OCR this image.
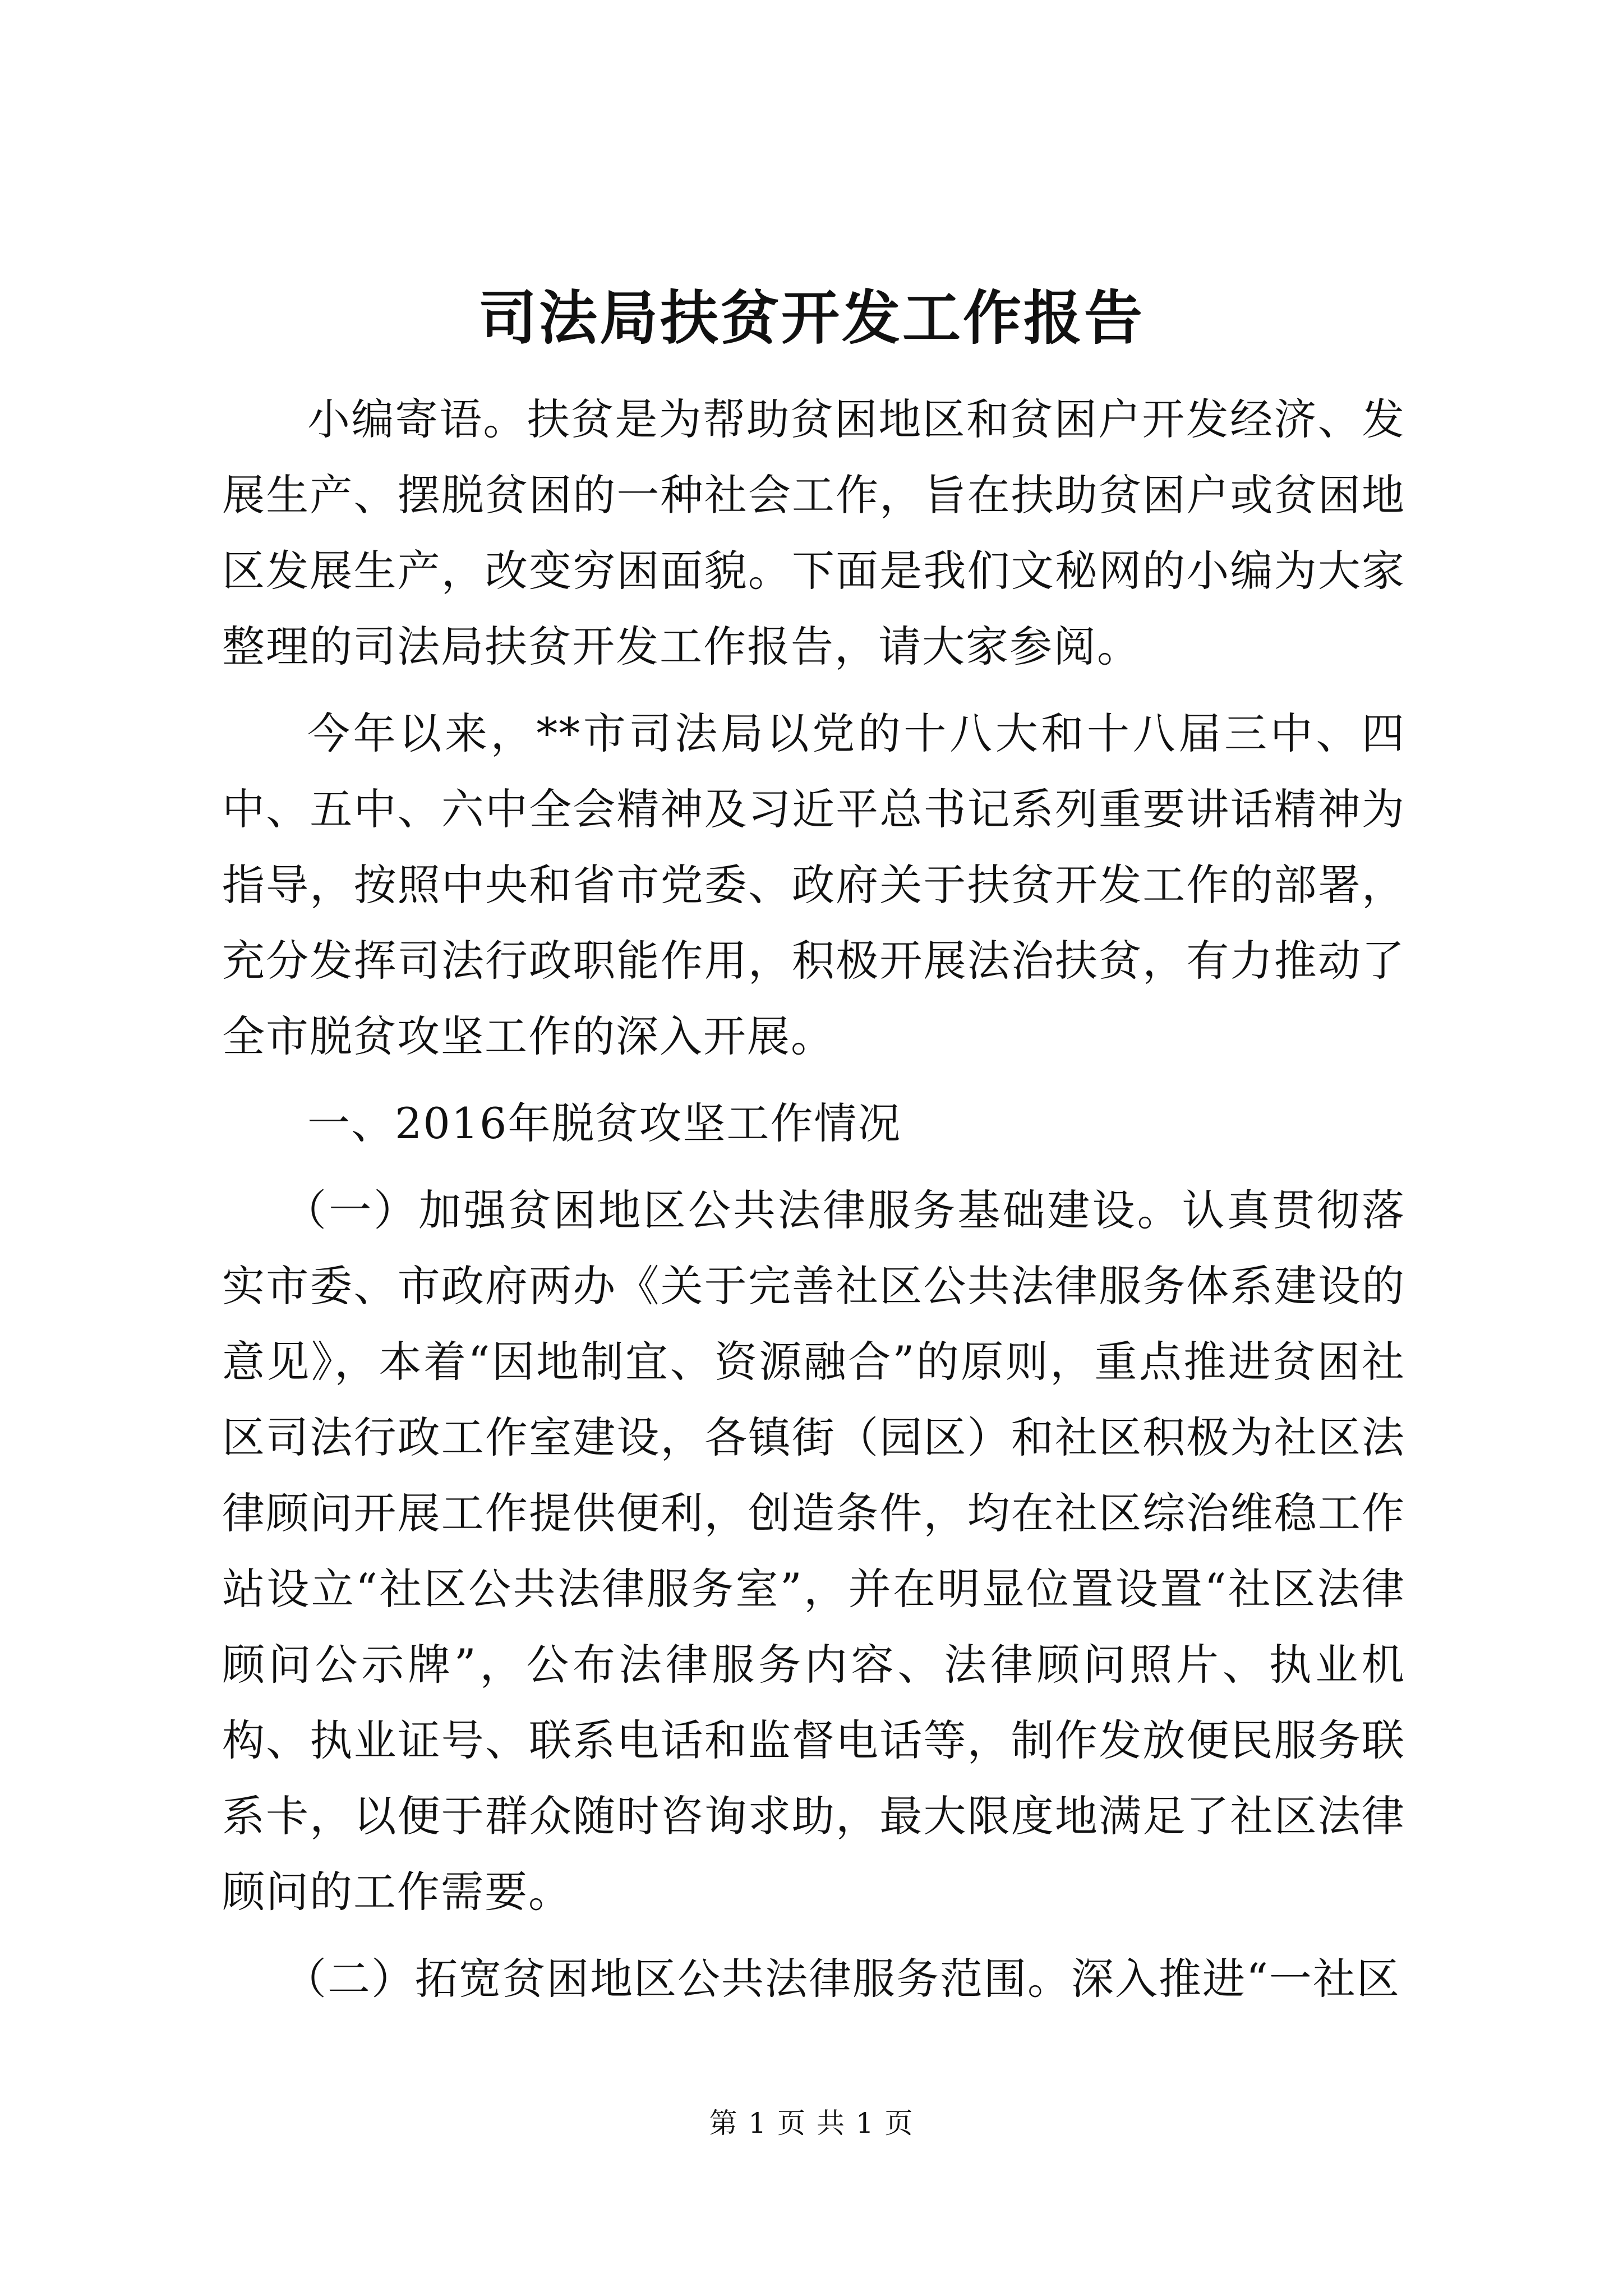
司法局扶贫开发工作报告

小编寄语。扶贫是为帮助贫困地区和贫困户开发经济、发展生产、摆脱贫困的一种社会工作，旨在扶助贫困户或贫困地区发展生产，改变穷困面貌。下面是我们文秘网的小编为大家整理的司法局扶贫开发工作报告，请大家参阅。

今年以来，**市司法局以党的十八大和十八届三中、四中、五中、六中全会精神及习近平总书记系列重要讲话精神为指导，按照中央和省市党委、政府关于扶贫开发工作的部署，充分发挥司法行政职能作用，积极开展法治扶贫，有力推动了全市脱贫攻坚工作的深入开展。

一、2016年脱贫攻坚工作情况

（一）加强贫困地区公共法律服务基础建设。认真贯彻落实市委、市政府两办《关于完善社区公共法律服务体系建设的意见》，本着“因地制宜、资源融合”的原则，重点推进贫困社区司法行政工作室建设，各镇街（园区）和社区积极为社区法律顾问开展工作提供便利，创造条件，均在社区综治维稳工作站设立“社区公共法律服务室”，并在明显位置设置“社区法律顾问公示牌”，公布法律服务内容、法律顾问照片、执业机构、执业证号、联系电话和监督电话等，制作发放便民服务联系卡，以便于群众随时咨询求助，最大限度地满足了社区法律顾问的工作需要。

（二）拓宽贫困地区公共法律服务范围。深入推进“一社区

第 1 页 共 1 页
